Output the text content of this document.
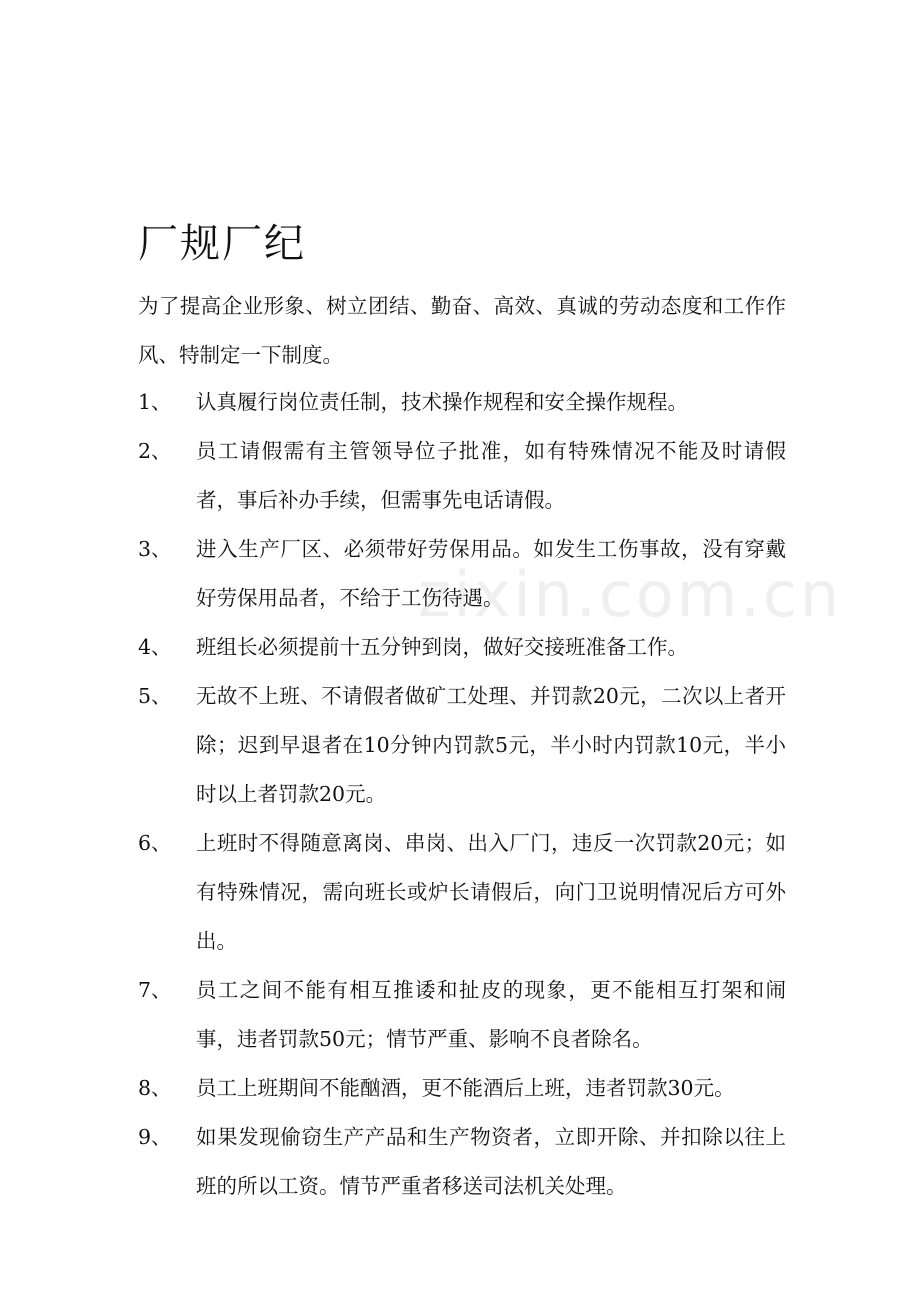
zixin.com.cn
厂规厂纪
为了提高企业形象、树立团结、勤奋、高效、真诚的劳动态度和工作作风、特制定一下制度。
1、	认真履行岗位责任制，技术操作规程和安全操作规程。
2、	员工请假需有主管领导位子批准，如有特殊情况不能及时请假者，事后补办手续，但需事先电话请假。
3、	进入生产厂区、必须带好劳保用品。如发生工伤事故，没有穿戴好劳保用品者，不给于工伤待遇。
4、	班组长必须提前十五分钟到岗，做好交接班准备工作。
5、	无故不上班、不请假者做矿工处理、并罚款20元，二次以上者开除；迟到早退者在10分钟内罚款5元，半小时内罚款10元，半小时以上者罚款20元。
6、	上班时不得随意离岗、串岗、出入厂门，违反一次罚款20元；如有特殊情况，需向班长或炉长请假后，向门卫说明情况后方可外出。
7、	员工之间不能有相互推诿和扯皮的现象，更不能相互打架和闹事，违者罚款50元；情节严重、影响不良者除名。
8、	员工上班期间不能酗酒，更不能酒后上班，违者罚款30元。
9、	如果发现偷窃生产产品和生产物资者，立即开除、并扣除以往上班的所以工资。情节严重者移送司法机关处理。
